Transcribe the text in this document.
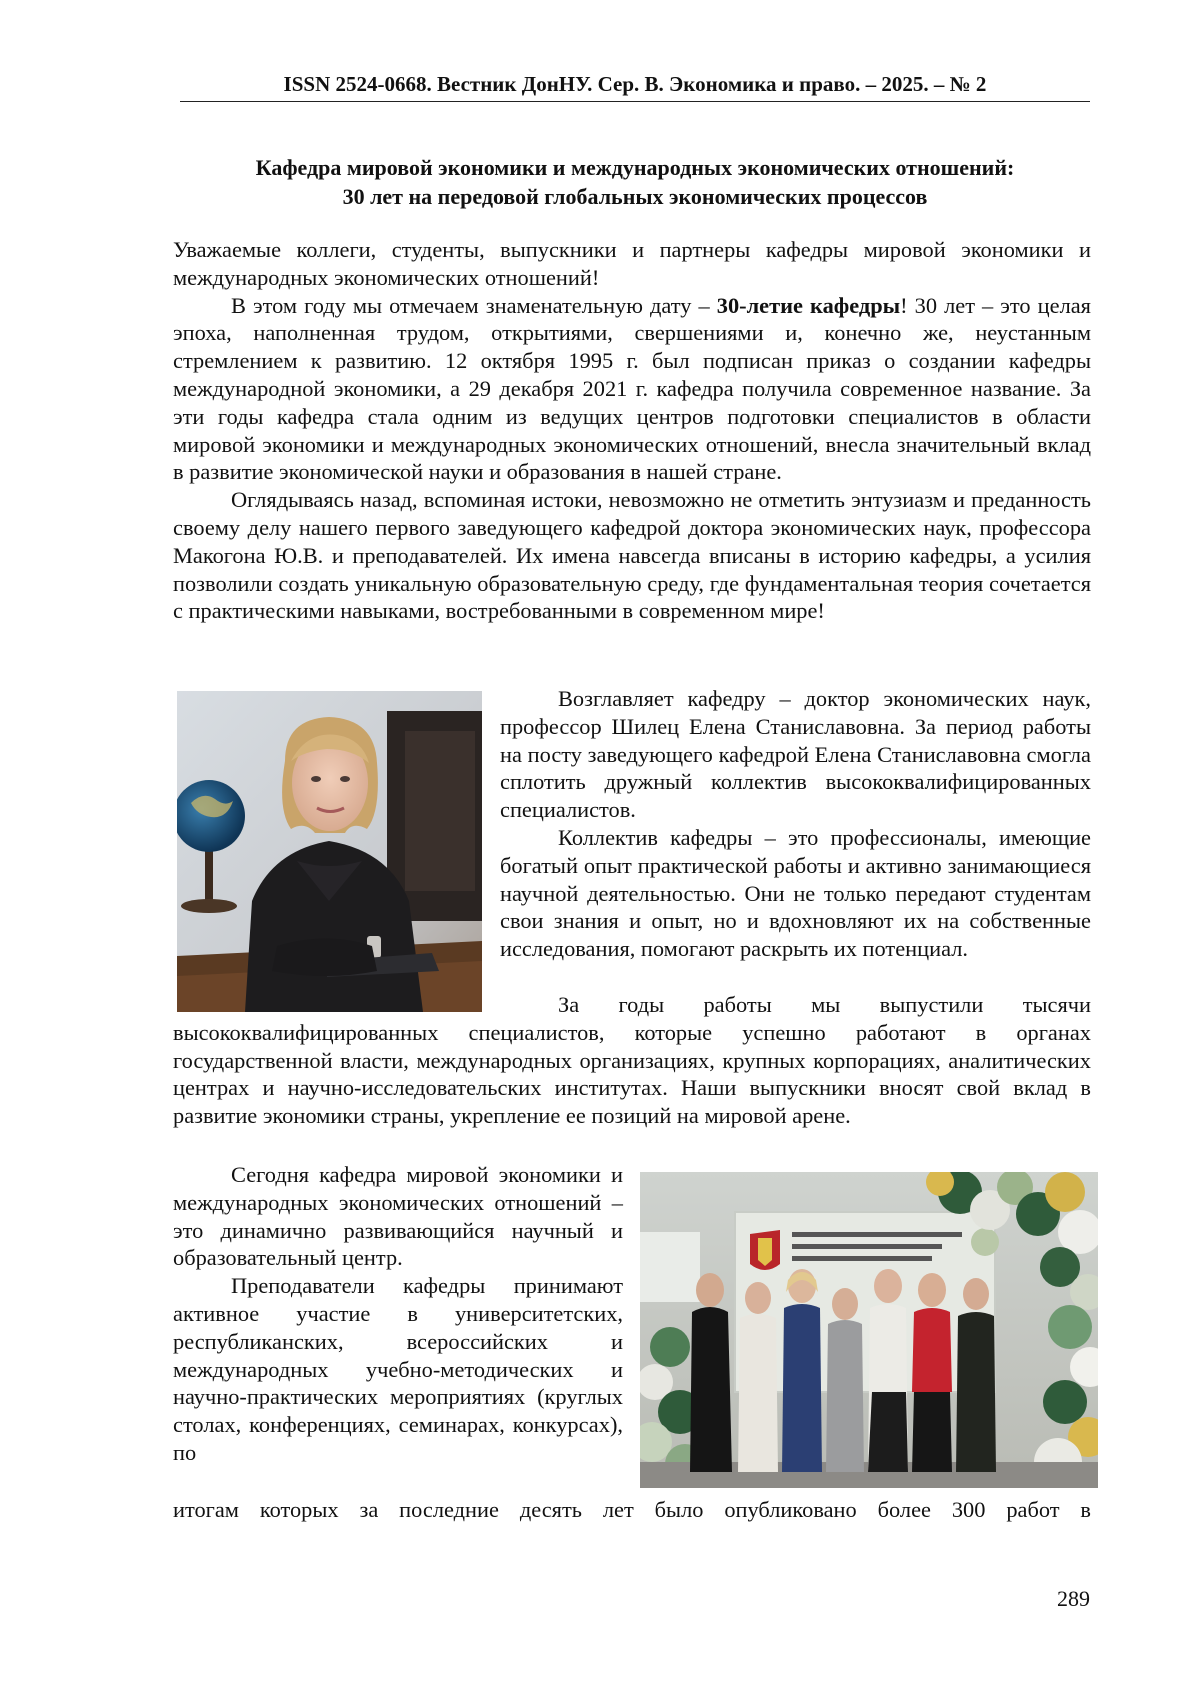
ISSN 2524-0668. Вестник ДонНУ. Сер. В. Экономика и право. – 2025. – № 2
Кафедра мировой экономики и международных экономических отношений:
30 лет на передовой глобальных экономических процессов

Уважаемые коллеги, студенты, выпускники и партнеры кафедры мировой экономики и международных экономических отношений!

В этом году мы отмечаем знаменательную дату – 30-летие кафедры! 30 лет – это целая эпоха, наполненная трудом, открытиями, свершениями и, конечно же, неустанным стремлением к развитию. 12 октября 1995 г. был подписан приказ о создании кафедры международной экономики, а 29 декабря 2021 г. кафедра получила современное название. За эти годы кафедра стала одним из ведущих центров подготовки специалистов в области мировой экономики и международных экономических отношений, внесла значительный вклад в развитие экономической науки и образования в нашей стране.

Оглядываясь назад, вспоминая истоки, невозможно не отметить энтузиазм и преданность своему делу нашего первого заведующего кафедрой доктора экономических наук, профессора Макогона Ю.В. и преподавателей. Их имена навсегда вписаны в историю кафедры, а усилия позволили создать уникальную образовательную среду, где фундаментальная теория сочетается с практическими навыками, востребованными в современном мире!

Возглавляет кафедру – доктор экономических наук, профессор Шилец Елена Станиславовна. За период работы на посту заведующего кафедрой Елена Станиславовна смогла сплотить дружный коллектив высококвалифицированных специалистов.

Коллектив кафедры – это профессионалы, имеющие богатый опыт практической работы и активно занимающиеся научной деятельностью. Они не только передают студентам свои знания и опыт, но и вдохновляют их на собственные исследования, помогают раскрыть их потенциал.

За годы работы мы выпустили тысячи высококвалифицированных специалистов, которые успешно работают в органах государственной власти, международных организациях, крупных корпорациях, аналитических центрах и научно-исследовательских институтах. Наши выпускники вносят свой вклад в развитие экономики страны, укрепление ее позиций на мировой арене.

Сегодня кафедра мировой экономики и международных экономических отношений – это динамично развивающийся научный и образовательный центр.

Преподаватели кафедры принимают активное участие в университетских, республиканских, всероссийских и международных учебно-методических и научно-практических мероприятиях (круглых столах, конференциях, семинарах, конкурсах), по

итогам которых за последние десять лет было опубликовано более 300 работ в

289
